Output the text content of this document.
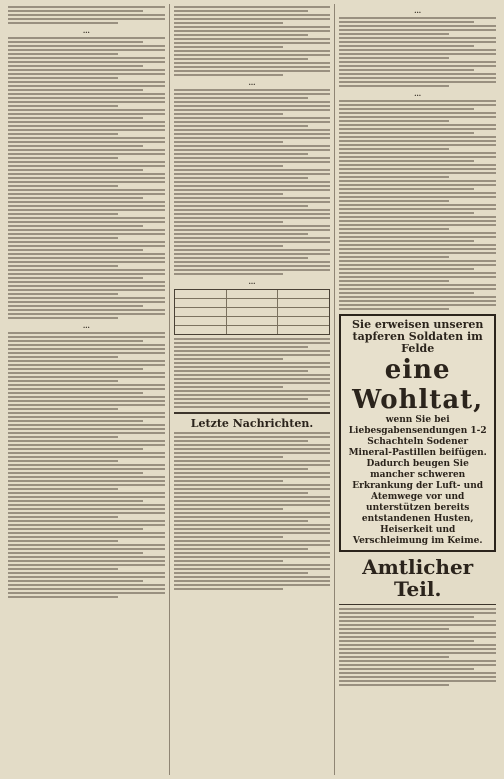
…
…
…
…
Letzte Nachrichten.
…
…
Sie erweisen unseren tapferen Soldaten im Felde
eine Wohltat,
wenn Sie bei Liebesgabensendungen 1-2 Schachteln Sodener Mineral-Pastillen beifügen. Dadurch beugen Sie mancher schweren Erkrankung der Luft- und Atemwege vor und unterstützen bereits entstandenen Husten, Heiserkeit und Verschleimung im Keime.
Amtlicher Teil.
